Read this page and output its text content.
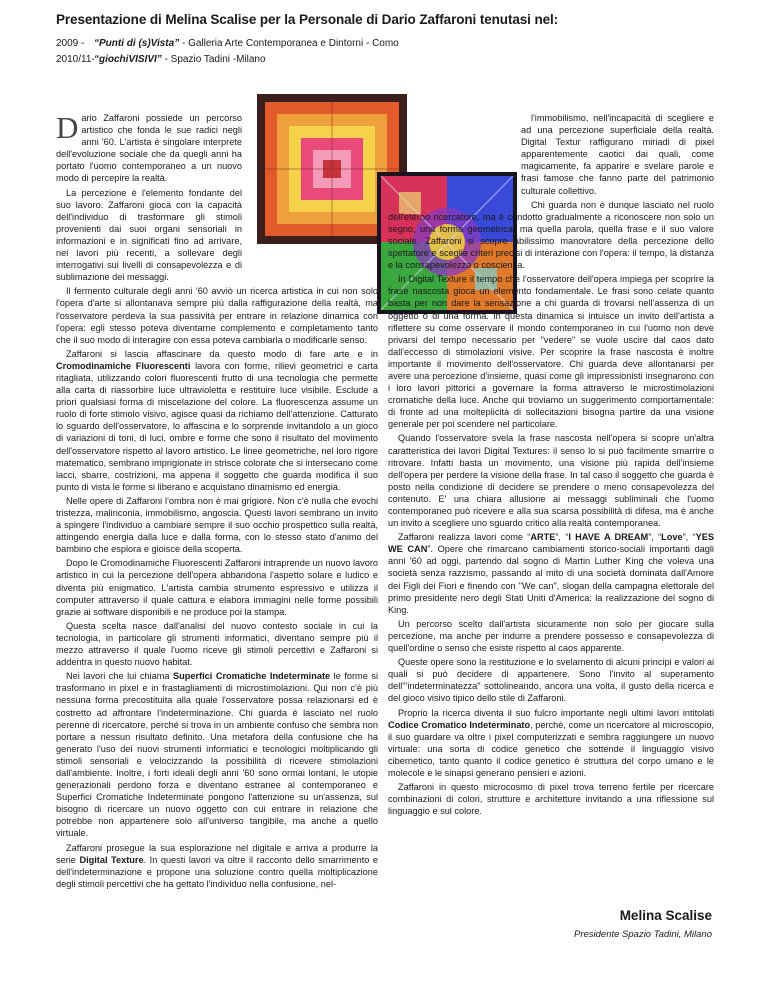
Presentazione di Melina Scalise per la Personale di Dario Zaffaroni tenutasi nel:
2009 - “Punti di (s)Vista” - Galleria Arte Contemporanea e Dintorni - Como
2010/11-“giochiVISIVI” - Spazio Tadini -Milano

Dario Zaffaroni possiede un percorso artistico che fonda le sue radici negli anni '60. L'artista è singolare interprete dell'evoluzione sociale che da quegli anni ha portato l'uomo contemporaneo a un nuovo modo di percepire la realtà.

La percezione è l'elemento fondante del suo lavoro. Zaffaroni gioca con la capacità dell'individuo di trasformare gli stimoli provenienti dai suoi organi sensoriali in informazioni e in significati fino ad arrivare, nei lavori più recenti, a sollevare degli interrogativi sui livelli di consapevolezza e di sublimazione dei messaggi.

Il fermento culturale degli anni '60 avviò un ricerca artistica in cui non solo l'opera d'arte si allontanava sempre più dalla raffigurazione della realtà, ma l'osservatore perdeva la sua passività per entrare in relazione dinamica con l'opera: egli stesso poteva diventarne complemento e completamento tanto che il suo modo di interagire con essa poteva cambiarla o modificarle senso.

Zaffaroni si lascia affascinare da questo modo di fare arte e in Cromodinamiche Fluorescenti lavora con forme, rilievi geometrici e carta ritagliata, utilizzando colori fluorescenti frutto di una tecnologia che permette alla carta di riassorbire luce ultravioletta e restituire luce visibile. Esclude a priori qualsiasi forma di miscelazione del colore. La fluorescenza assume un ruolo di forte stimolo visivo, agisce quasi da richiamo dell'attenzione. Catturato lo sguardo dell'osservatore, lo affascina e lo sorprende invitandolo a un gioco di variazioni di toni, di luci, ombre e forme che sono il risultato del movimento dell'osservatore rispetto al lavoro artistico. Le linee geometriche, nel loro rigore matematico, sembrano imprigionate in strisce colorate che si intersecano come lacci, sbarre, costrizioni, ma appena il soggetto che guarda modifica il suo punto di vista le forme si liberano e acquistano dinamismo ed energia.

Nelle opere di Zaffaroni l'ombra non è mai grigiore. Non c'è nulla che evochi tristezza, malinconia, immobilismo, angoscia. Questi lavori sembrano un invito a spingere l'individuo a cambiare sempre il suo occhio prospettico sulla realtà, attingendo energia dalla luce e dalla forma, con lo stesso stato d'animo del bambino che esplora e gioisce della scoperta.

Dopo le Cromodinamiche Fluorescenti Zaffaroni intraprende un nuovo lavoro artistico in cui la percezione dell'opera abbandona l'aspetto solare e ludico e diventa più enigmatico. L'artista cambia strumento espressivo e utilizza il computer attraverso il quale cattura e elabora immagini nelle forme possibili grazie ai software disponibili e ne produce poi la stampa.

Questa scelta nasce dall'analisi del nuovo contesto sociale in cui la tecnologia, in particolare gli strumenti informatici, diventano sempre più il mezzo attraverso il quale l'uomo riceve gli stimoli percettivi e Zaffaroni si addentra in questo nuovo habitat.

Nei lavori che lui chiama Superfici Cromatiche Indeterminate le forme si trasformano in pixel e in frastagliamenti di microstimolazioni. Qui non c'è più nessuna forma precostituita alla quale l'osservatore possa relazionarsi ed è costretto ad affrontare l'indeterminazione. Chi guarda è lasciato nel ruolo perenne di ricercatore, perché si trova in un ambiente confuso che sembra non portare a nessun risultato definito. Una metafora della confusione che ha generato l'uso dei nuovi strumenti informatici e tecnologici moltiplicando gli stimoli sensoriali e velocizzando la possibilità di ricevere stimolazioni dall'ambiente. Inoltre, i forti ideali degli anni '60 sono ormai lontani, le utopie generazionali perdono forza e diventano estranee al contemporaneo e Superfici Cromatiche Indeterminate pongono l'attenzione su un'assenza, sul bisogno di ricercare un nuovo oggetto con cui entrare in relazione che potrebbe non appartenere solo all'universo tangibile, ma anche a quello virtuale.

Zaffaroni prosegue la sua esplorazione nel digitale e arriva a produrre la serie Digital Texture. In questi lavori va oltre il racconto dello smarrimento e dell'indeterminazione e propone una soluzione contro quella moltiplicazione degli stimoli percettivi che ha gettato l'individuo nella confusione, nel-

l'immobilismo, nell'incapacità di scegliere e ad una percezione superficiale della realtà. Digital Textur raffigurano miriadi di pixel apparentemente caotici dai quali, come magicamente, fa apparire e svelare parole e frasi famose che fanno parte del patrimonio culturale collettivo.

Chi guarda non è dunque lasciato nel ruolo dell'eterno ricercatore, ma è condotto gradualmente a riconoscere non solo un segno, una forma geometrica, ma quella parola, quella frase e il suo valore sociale. Zaffaroni si scopre abilissimo manovratore della percezione dello spettatore e sceglie criteri precisi di interazione con l'opera: il tempo, la distanza e la consapevolezza o coscienza.

In Digital Texture il tempo che l'osservatore dell'opera impiega per scoprire la frase nascosta gioca un elemento fondamentale. Le frasi sono celate quanto basta per non dare la sensazione a chi guarda di trovarsi nell'assenza di un oggetto o di una forma. In questa dinamica si intuisce un invito dell'artista a riflettere su come osservare il mondo contemporaneo in cui l'uomo non deve privarsi del tempo necessario per "vedere" se vuole uscire dal caos dato dall'eccesso di stimolazioni visive. Per scoprire la frase nascosta è inoltre importante il movimento dell'osservatore. Chi guarda deve allontanarsi per avere una percezione d'insieme, quasi come gli impressionisti insegnarono con i loro lavori pittorici a governare la forma attraverso le microstimolazioni cromatiche della luce. Anche qui troviamo un suggerimento comportamentale: di fronte ad una molteplicità di sollecitazioni bisogna partire da una visione generale per poi scendere nel particolare.

Quando l'osservatore svela la frase nascosta nell'opera si scopre un'altra caratteristica dei lavori Digital Textures: il senso lo si può facilmente smarrire o ritrovare. Infatti basta un movimento, una visione più rapida dell'insieme dell'opera per perdere la visione della frase. In tal caso il soggetto che guarda è posto nella condizione di decidere se prendere o meno consapevolezza del contenuto. E' una chiara allusione ai messaggi subliminali che l'uomo contemporaneo può ricevere e alla sua scarsa possibilità di difesa, ma è anche un invito a scegliere uno sguardo critico alla realtà contemporanea.

Zaffaroni realizza lavori come “ARTE”, “I HAVE A DREAM”, “Love”, “YES WE CAN”. Opere che rimarcano cambiamenti storico-sociali importanti dagli anni '60 ad oggi, partendo dal sogno di Martin Luther King che voleva una società senza razzismo, passando al mito di una società dominata dall'Amore dei Figli dei Fiori e finendo con "We can", slogan della campagna elettorale del primo presidente nero degli Stati Uniti d'America: la realizzazione del sogno di King.

Un percorso scelto dall'artista sicuramente non solo per giocare sulla percezione, ma anche per indurre a prendere possesso e consapevolezza di quell'ordine o senso che esiste rispetto al caos apparente.

Queste opere sono la restituzione e lo svelamento di alcuni principi e valori ai quali si può decidere di appartenere. Sono l'invito al superamento dell'"indeterminatezza" sottolineando, ancora una volta, il gusto della ricerca e del gioco visivo tipico dello stile di Zaffaroni.

Proprio la ricerca diventa il suo fulcro importante negli ultimi lavori intitolati Codice Cromatico Indeterminato, perchè, come un ricercatore al microscopio, il suo guardare va oltre i pixel computerizzati e sembra raggiungere un nuovo virtuale: una sorta di codice genetico che sottende il linguaggio visivo cibernetico, tanto quanto il codice genetico è struttura del corpo umano e le molecole e le sinapsi generano pensieri e azioni.

Zaffaroni in questo microcosmo di pixel trova terreno fertile per ricercare combinazioni di colori, strutture e architetture invitando a una riflessione sul linguaggio e sul colore.

Melina Scalise
Presidente Spazio Tadini, Milano
